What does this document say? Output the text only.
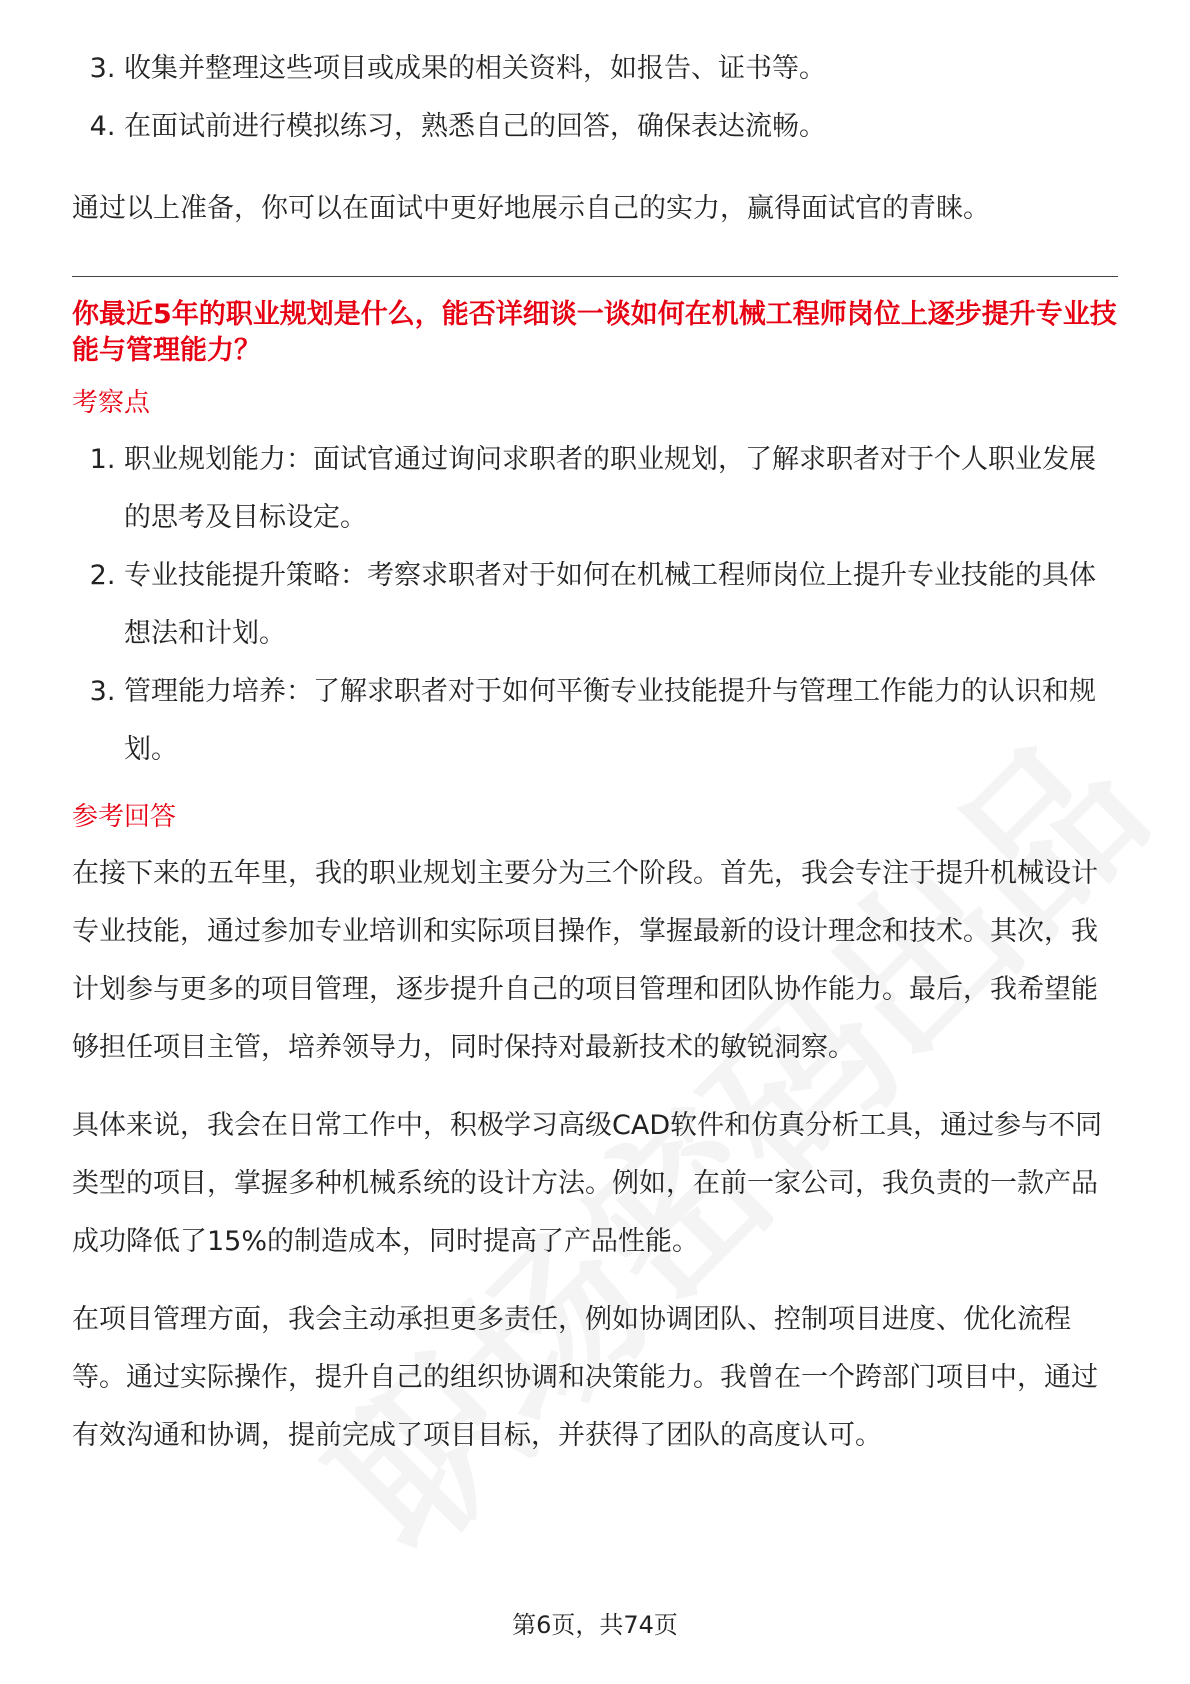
3. 收集并整理这些项目或成果的相关资料，如报告、证书等。
4. 在面试前进行模拟练习，熟悉自己的回答，确保表达流畅。

通过以上准备，你可以在面试中更好地展示自己的实力，赢得面试官的青睐。

你最近5年的职业规划是什么，能否详细谈一谈如何在机械工程师岗位上逐步提升专业技能与管理能力？

考察点
1. 职业规划能力：面试官通过询问求职者的职业规划，了解求职者对于个人职业发展的思考及目标设定。
2. 专业技能提升策略：考察求职者对于如何在机械工程师岗位上提升专业技能的具体想法和计划。
3. 管理能力培养：了解求职者对于如何平衡专业技能提升与管理工作能力的认识和规划。
参考回答

在接下来的五年里，我的职业规划主要分为三个阶段。首先，我会专注于提升机械设计专业技能，通过参加专业培训和实际项目操作，掌握最新的设计理念和技术。其次，我计划参与更多的项目管理，逐步提升自己的项目管理和团队协作能力。最后，我希望能够担任项目主管，培养领导力，同时保持对最新技术的敏锐洞察。

具体来说，我会在日常工作中，积极学习高级CAD软件和仿真分析工具，通过参与不同类型的项目，掌握多种机械系统的设计方法。例如，在前一家公司，我负责的一款产品成功降低了15%的制造成本，同时提高了产品性能。

在项目管理方面，我会主动承担更多责任，例如协调团队、控制项目进度、优化流程等。通过实际操作，提升自己的组织协调和决策能力。我曾在一个跨部门项目中，通过有效沟通和协调，提前完成了项目目标，并获得了团队的高度认可。

第6页，共74页
